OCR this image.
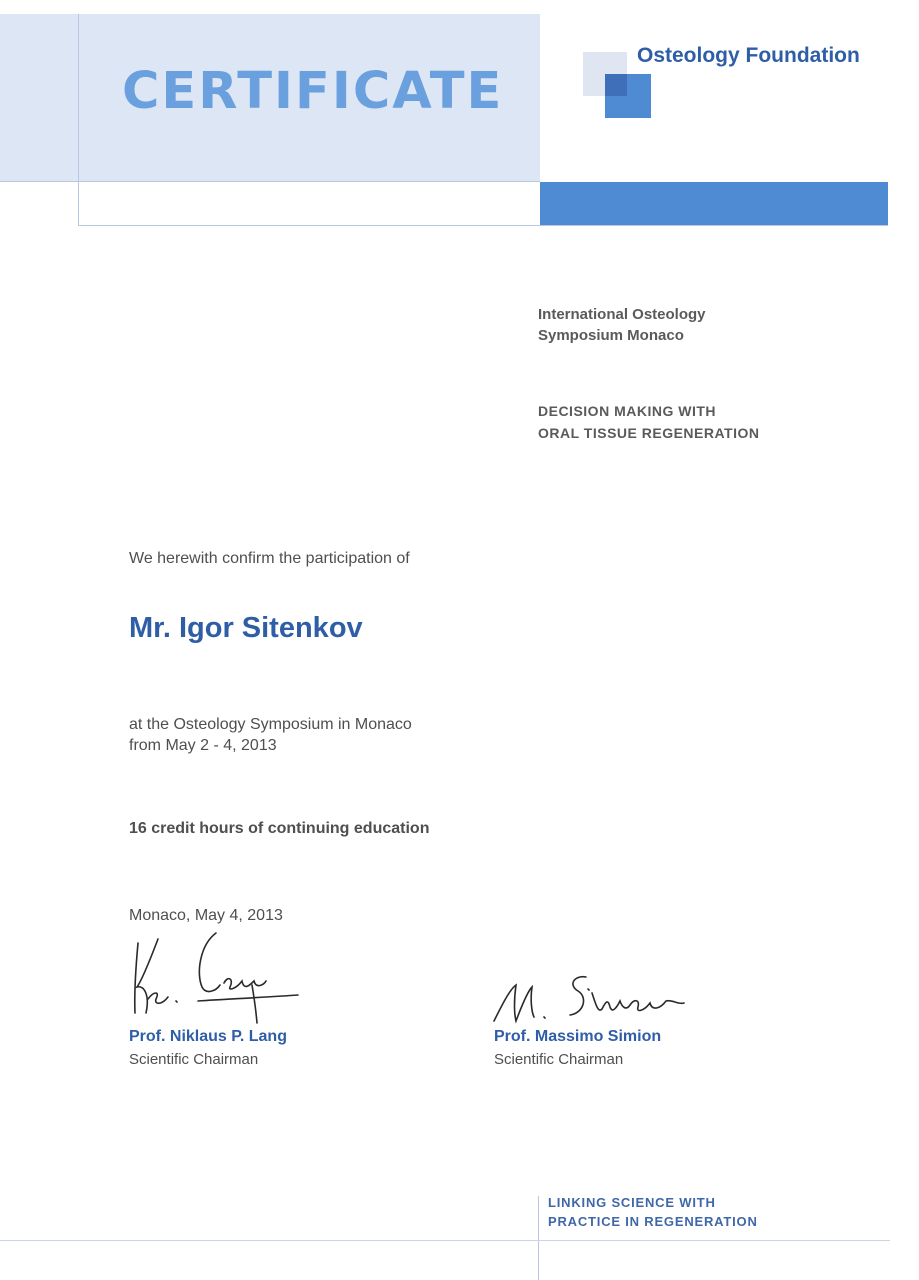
CERTIFICATE
Osteology Foundation
International Osteology
Symposium Monaco
DECISION MAKING WITH
ORAL TISSUE REGENERATION
We herewith confirm the participation of
Mr. Igor Sitenkov
at the Osteology Symposium in Monaco
from May 2 - 4, 2013
16 credit hours of continuing education
Monaco, May 4, 2013
Prof. Niklaus P. Lang
Scientific Chairman
Prof. Massimo Simion
Scientific Chairman
LINKING SCIENCE WITH
PRACTICE IN REGENERATION
